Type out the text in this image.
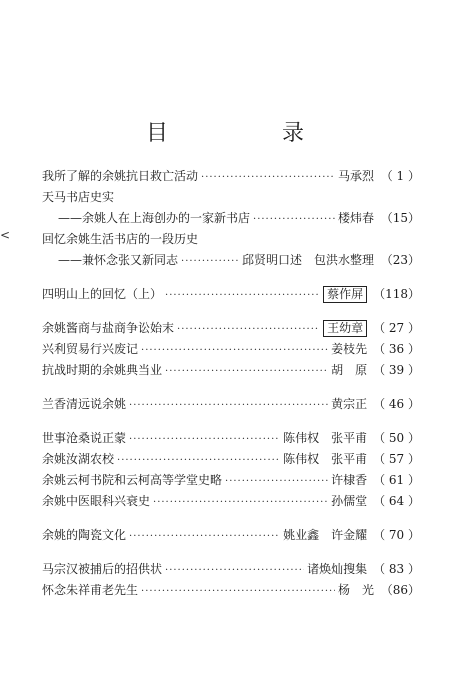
<
目　录
我所了解的余姚抗日救亡活动 ·····	马承烈 （ 1 ）
天马书店史实
——余姚人在上海创办的一家新书店 ·····	楼炜春 （15）
回忆余姚生活书店的一段历史
——兼怀念张又新同志 ·····	邱贤明口述　包洪水整理 （23）
四明山上的回忆（上） ·····	蔡作屏 （118）
余姚酱商与盐商争讼始末 ·····	王幼章 （ 27 ）
兴利贸易行兴废记 ·····	姜枝先 （ 36 ）
抗战时期的余姚典当业 ·····	胡　原 （ 39 ）
兰香清远说余姚 ·····	黄宗正 （ 46 ）
世事沧桑说正蒙 ·····	陈伟权　张平甫 （ 50 ）
余姚汝湖农校 ·····	陈伟权　张平甫 （ 57 ）
余姚云柯书院和云柯高等学堂史略 ·····	许棣香 （ 61 ）
余姚中医眼科兴衰史 ·····	孙儒堂 （ 64 ）
余姚的陶瓷文化 ·····	姚业鑫　许金耀 （ 70 ）
马宗汉被捕后的招供状 ·····	诸焕灿搜集 （ 83 ）
怀念朱祥甫老先生 ·····	杨　光 （86）
